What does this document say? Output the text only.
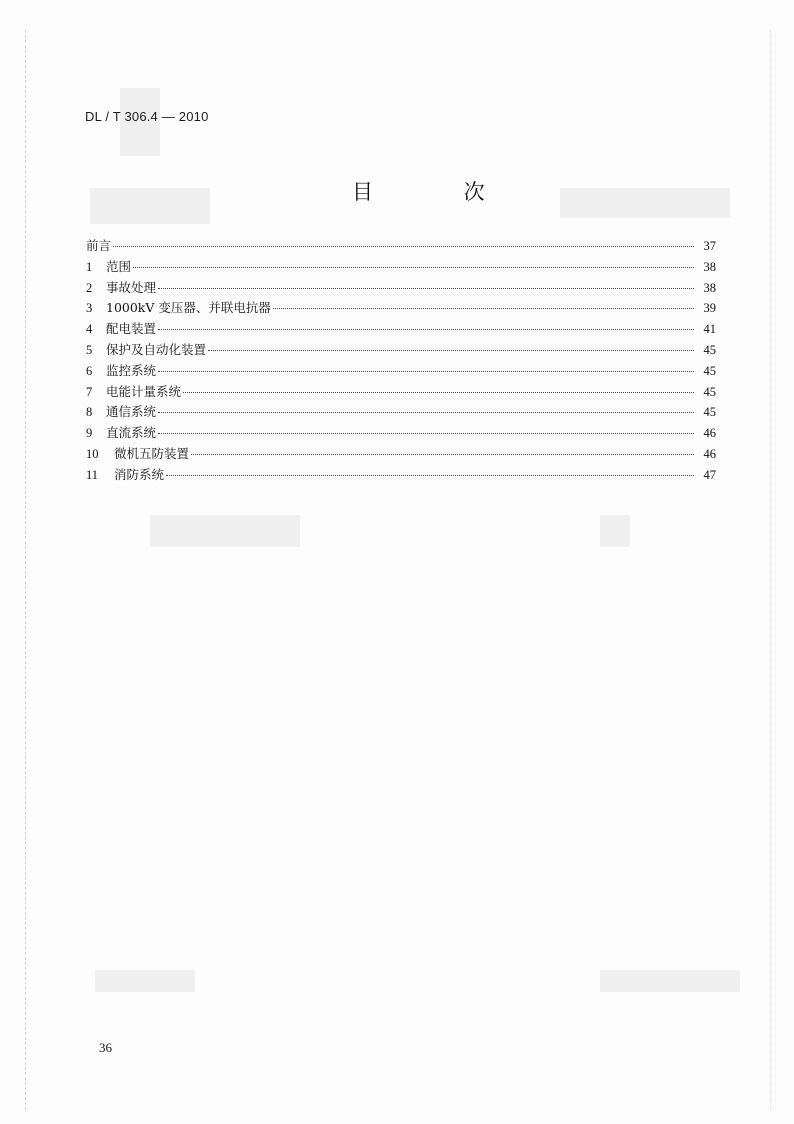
DL / T 306.4 — 2010
目 次
前言	37
1	范围	38
2	事故处理	38
3	1000kV 变压器、并联电抗器	39
4	配电装置	41
5	保护及自动化装置	45
6	监控系统	45
7	电能计量系统	45
8	通信系统	45
9	直流系统	46
10	微机五防装置	46
11	消防系统	47
36
